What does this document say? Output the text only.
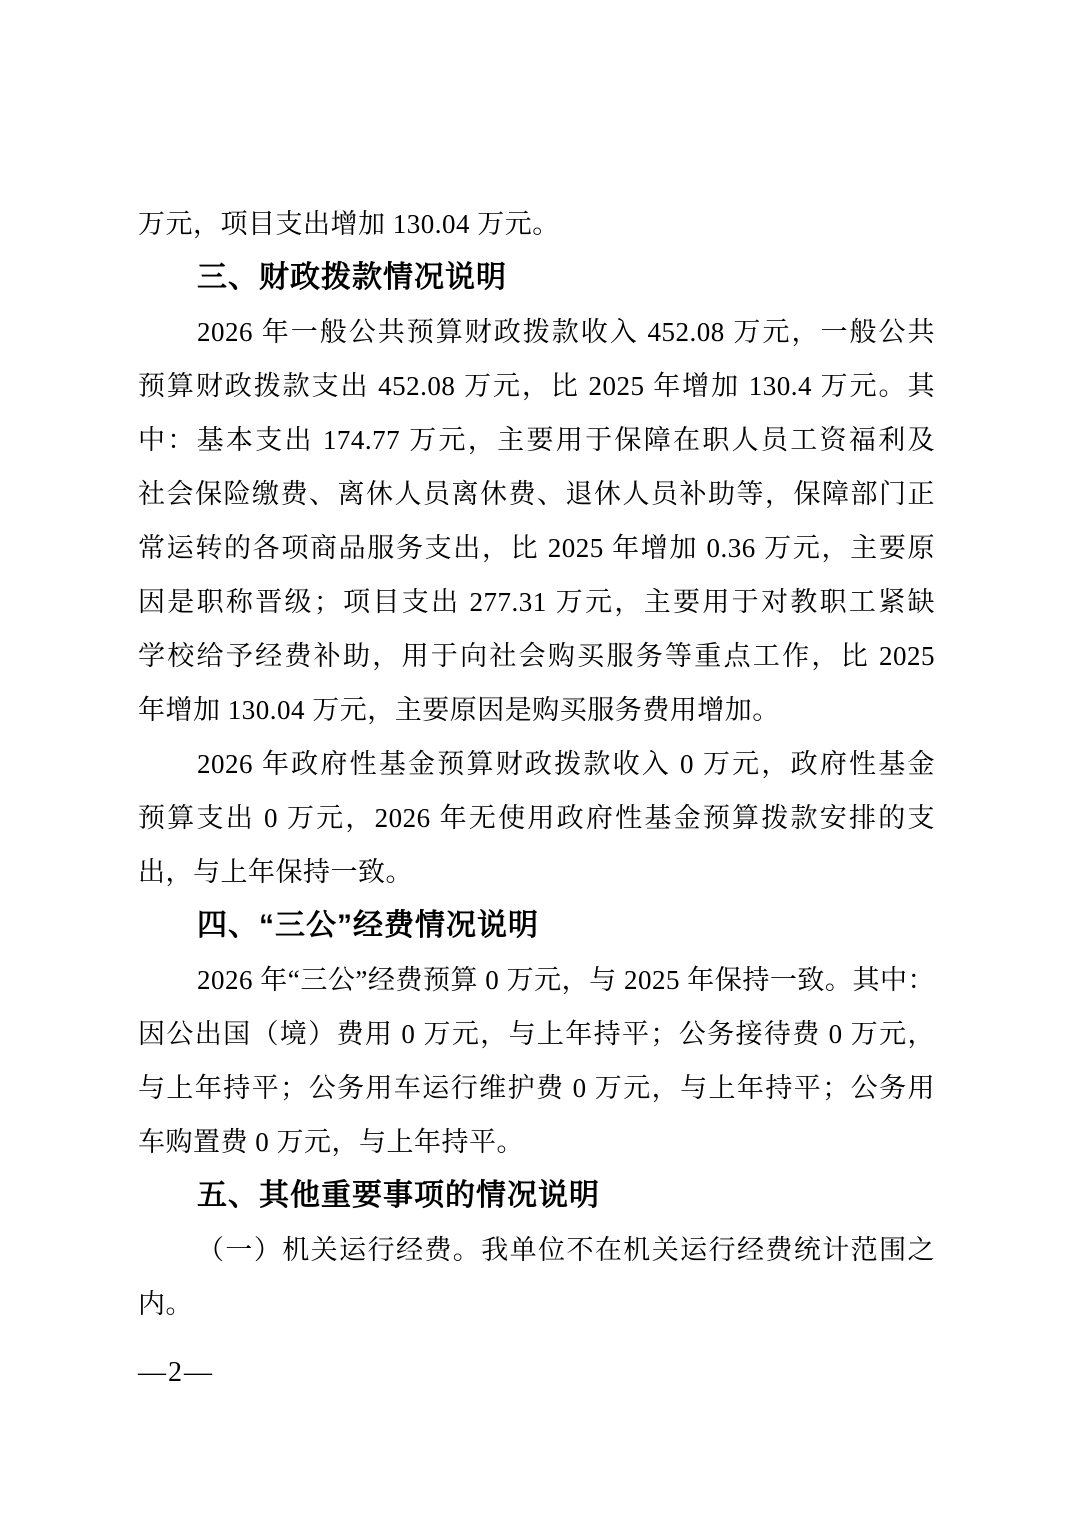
万元，项目支出增加 130.04 万元。
三、财政拨款情况说明
2026 年一般公共预算财政拨款收入 452.08 万元，一般公共
预算财政拨款支出 452.08 万元，比 2025 年增加 130.4 万元。其
中：基本支出 174.77 万元，主要用于保障在职人员工资福利及
社会保险缴费、离休人员离休费、退休人员补助等，保障部门正
常运转的各项商品服务支出，比 2025 年增加 0.36 万元，主要原
因是职称晋级；项目支出 277.31 万元，主要用于对教职工紧缺
学校给予经费补助，用于向社会购买服务等重点工作，比 2025
年增加 130.04 万元，主要原因是购买服务费用增加。
2026 年政府性基金预算财政拨款收入 0 万元，政府性基金
预算支出 0 万元，2026 年无使用政府性基金预算拨款安排的支
出，与上年保持一致。
四、“三公”经费情况说明
2026 年“三公”经费预算 0 万元，与 2025 年保持一致。其中：
因公出国（境）费用 0 万元，与上年持平；公务接待费 0 万元，
与上年持平；公务用车运行维护费 0 万元，与上年持平；公务用
车购置费 0 万元，与上年持平。
五、其他重要事项的情况说明
（一）机关运行经费。我单位不在机关运行经费统计范围之
内。
—2—
